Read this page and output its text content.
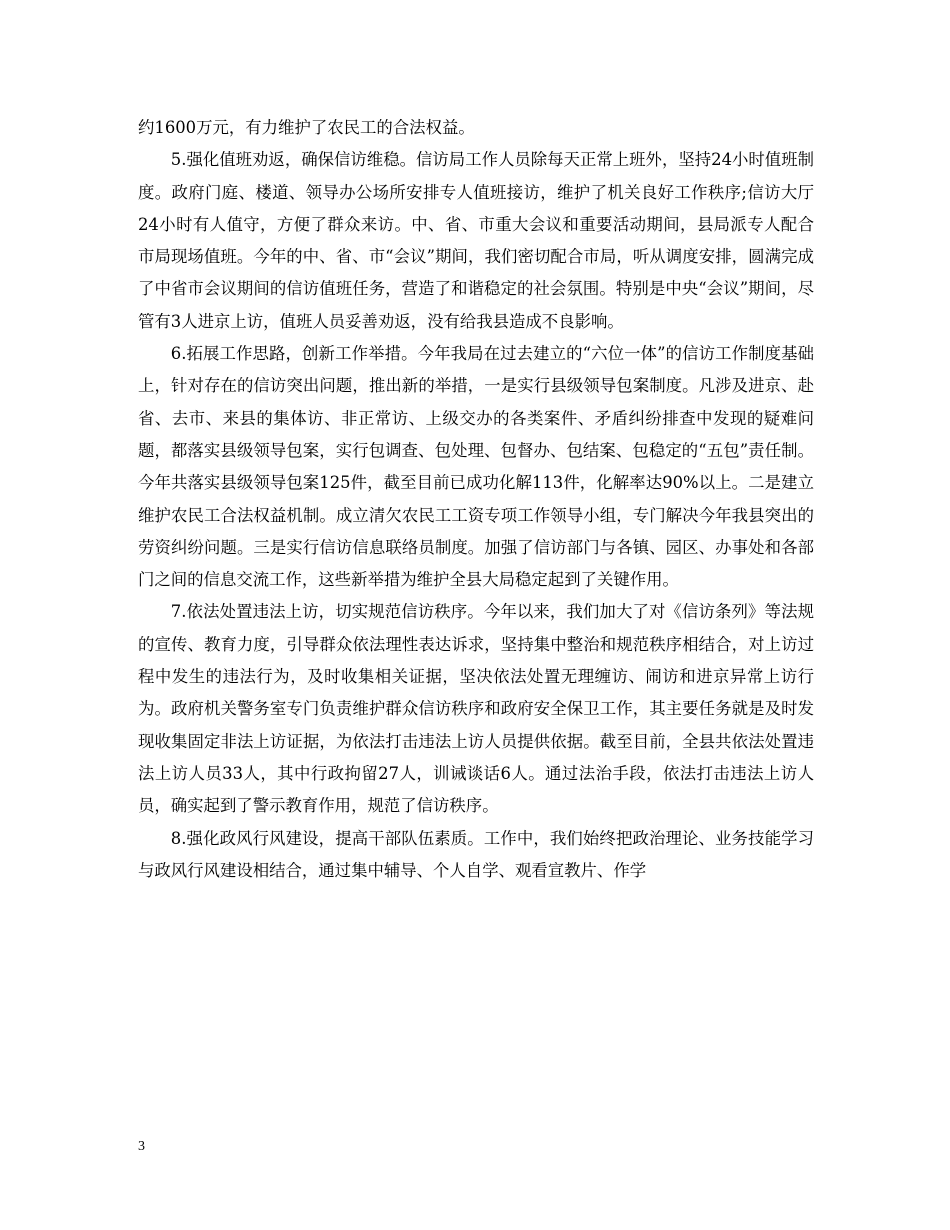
约1600万元，有力维护了农民工的合法权益。

5.强化值班劝返，确保信访维稳。信访局工作人员除每天正常上班外，坚持24小时值班制度。政府门庭、楼道、领导办公场所安排专人值班接访，维护了机关良好工作秩序;信访大厅24小时有人值守，方便了群众来访。中、省、市重大会议和重要活动期间，县局派专人配合市局现场值班。今年的中、省、市“会议”期间，我们密切配合市局，听从调度安排，圆满完成了中省市会议期间的信访值班任务，营造了和谐稳定的社会氛围。特别是中央“会议”期间，尽管有3人进京上访，值班人员妥善劝返，没有给我县造成不良影响。

6.拓展工作思路，创新工作举措。今年我局在过去建立的“六位一体”的信访工作制度基础上，针对存在的信访突出问题，推出新的举措，一是实行县级领导包案制度。凡涉及进京、赴省、去市、来县的集体访、非正常访、上级交办的各类案件、矛盾纠纷排查中发现的疑难问题，都落实县级领导包案，实行包调查、包处理、包督办、包结案、包稳定的“五包”责任制。今年共落实县级领导包案125件，截至目前已成功化解113件，化解率达90%以上。二是建立维护农民工合法权益机制。成立清欠农民工工资专项工作领导小组，专门解决今年我县突出的劳资纠纷问题。三是实行信访信息联络员制度。加强了信访部门与各镇、园区、办事处和各部门之间的信息交流工作，这些新举措为维护全县大局稳定起到了关键作用。

7.依法处置违法上访，切实规范信访秩序。今年以来，我们加大了对《信访条列》等法规的宣传、教育力度，引导群众依法理性表达诉求，坚持集中整治和规范秩序相结合，对上访过程中发生的违法行为，及时收集相关证据，坚决依法处置无理缠访、闹访和进京异常上访行为。政府机关警务室专门负责维护群众信访秩序和政府安全保卫工作，其主要任务就是及时发现收集固定非法上访证据，为依法打击违法上访人员提供依据。截至目前，全县共依法处置违法上访人员33人，其中行政拘留27人，训诫谈话6人。通过法治手段，依法打击违法上访人员，确实起到了警示教育作用，规范了信访秩序。

8.强化政风行风建设，提高干部队伍素质。工作中，我们始终把政治理论、业务技能学习与政风行风建设相结合，通过集中辅导、个人自学、观看宣教片、作学

3
